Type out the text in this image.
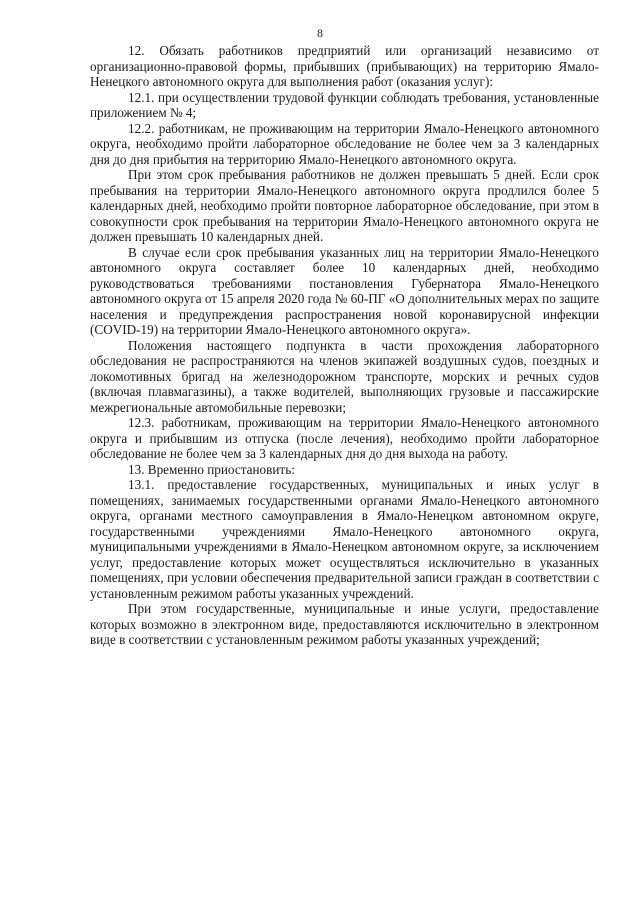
8

12. Обязать работников предприятий или организаций независимо от организационно-правовой формы, прибывших (прибывающих) на территорию Ямало-Ненецкого автономного округа для выполнения работ (оказания услуг):

12.1. при осуществлении трудовой функции соблюдать требования, установленные приложением № 4;

12.2. работникам, не проживающим на территории Ямало-Ненецкого автономного округа, необходимо пройти лабораторное обследование не более чем за 3 календарных дня до дня прибытия на территорию Ямало-Ненецкого автономного округа.

При этом срок пребывания работников не должен превышать 5 дней. Если срок пребывания на территории Ямало-Ненецкого автономного округа продлился более 5 календарных дней, необходимо пройти повторное лабораторное обследование, при этом в совокупности срок пребывания на территории Ямало-Ненецкого автономного округа не должен превышать 10 календарных дней.

В случае если срок пребывания указанных лиц на территории Ямало-Ненецкого автономного округа составляет более 10 календарных дней, необходимо руководствоваться требованиями постановления Губернатора Ямало-Ненецкого автономного округа от 15 апреля 2020 года № 60-ПГ «О дополнительных мерах по защите населения и предупреждения распространения новой коронавирусной инфекции (COVID-19) на территории Ямало-Ненецкого автономного округа».

Положения настоящего подпункта в части прохождения лабораторного обследования не распространяются на членов экипажей воздушных судов, поездных и локомотивных бригад на железнодорожном транспорте, морских и речных судов (включая плавмагазины), а также водителей, выполняющих грузовые и пассажирские межрегиональные автомобильные перевозки;

12.3. работникам, проживающим на территории Ямало-Ненецкого автономного округа и прибывшим из отпуска (после лечения), необходимо пройти лабораторное обследование не более чем за 3 календарных дня до дня выхода на работу.

13. Временно приостановить:

13.1. предоставление государственных, муниципальных и иных услуг в помещениях, занимаемых государственными органами Ямало-Ненецкого автономного округа, органами местного самоуправления в Ямало-Ненецком автономном округе, государственными учреждениями Ямало-Ненецкого автономного округа, муниципальными учреждениями в Ямало-Ненецком автономном округе, за исключением услуг, предоставление которых может осуществляться исключительно в указанных помещениях, при условии обеспечения предварительной записи граждан в соответствии с установленным режимом работы указанных учреждений.

При этом государственные, муниципальные и иные услуги, предоставление которых возможно в электронном виде, предоставляются исключительно в электронном виде в соответствии с установленным режимом работы указанных учреждений;
